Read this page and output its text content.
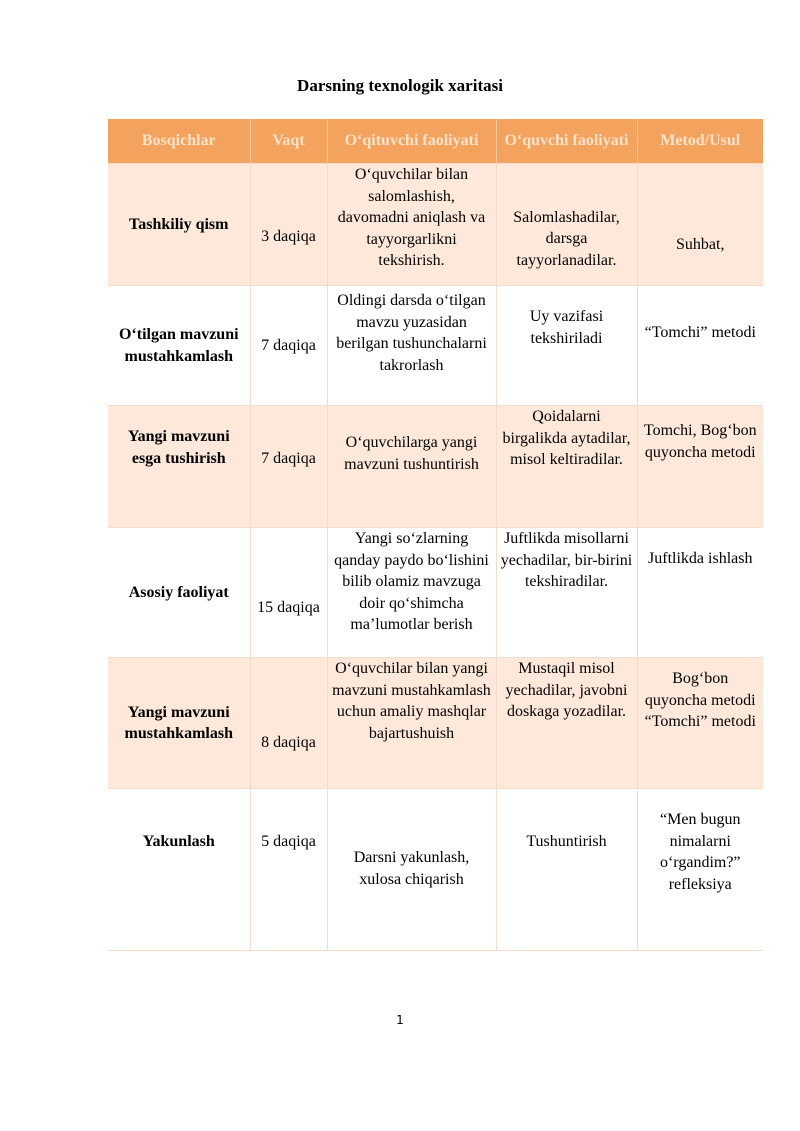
Darsning texnologik xaritasi
Bosqichlar	Vaqt	O‘qituvchi faoliyati	O‘quvchi faoliyati	Metod/Usul
Tashkiliy qism	3 daqiqa	O‘quvchilar bilan salomlashish, davomadni aniqlash va tayyorgarlikni tekshirish.	Salomlashadilar, darsga tayyorlanadilar.	Suhbat,
O‘tilgan mavzuni mustahkamlash	7 daqiqa	Oldingi darsda o‘tilgan mavzu yuzasidan berilgan tushunchalarni takrorlash	Uy vazifasi tekshiriladi	“Tomchi” metodi
Yangi mavzuni esga tushirish	7 daqiqa	O‘quvchilarga yangi mavzuni tushuntirish	Qoidalarni birgalikda aytadilar, misol keltiradilar.	Tomchi, Bog‘bon quyoncha metodi
Asosiy faoliyat	15 daqiqa	Yangi so‘zlarning qanday paydo bo‘lishini bilib olamiz mavzuga doir qo‘shimcha ma’lumotlar berish	Juftlikda misollarni yechadilar, bir-birini tekshiradilar.	Juftlikda ishlash
Yangi mavzuni mustahkamlash	8 daqiqa	O‘quvchilar bilan yangi mavzuni mustahkamlash uchun amaliy mashqlar bajartushuish	Mustaqil misol yechadilar, javobni doskaga yozadilar.	Bog‘bon quyoncha metodi “Tomchi” metodi
Yakunlash	5 daqiqa	Darsni yakunlash, xulosa chiqarish	Tushuntirish	“Men bugun nimalarni o‘rgandim?” refleksiya
1
